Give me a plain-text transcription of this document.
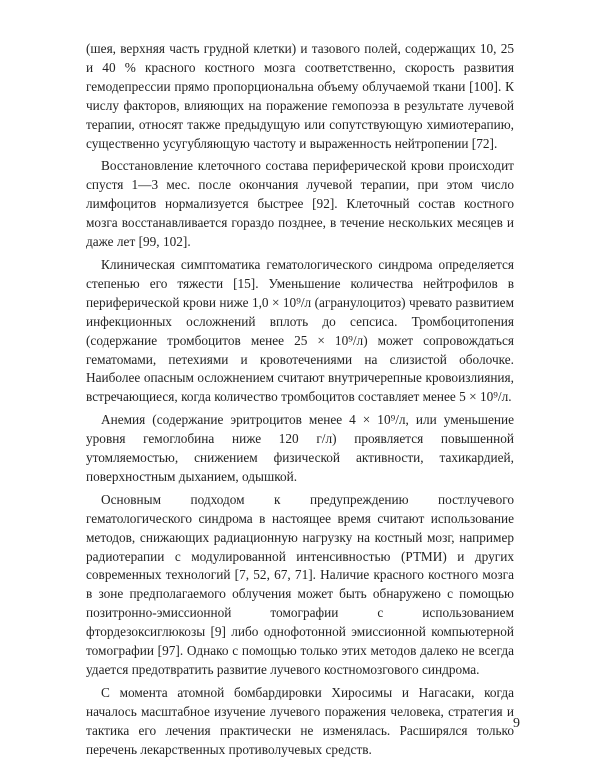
(шея, верхняя часть грудной клетки) и тазового полей, содержащих 10, 25 и 40 % красного костного мозга соответственно, скорость развития гемодепрессии прямо пропорциональна объему облучаемой ткани [100]. К числу факторов, влияющих на поражение гемопоэза в результате лучевой терапии, относят также предыдущую или сопутствующую химиотерапию, существенно усугубляющую частоту и выраженность нейтропении [72].

Восстановление клеточного состава периферической крови происходит спустя 1—3 мес. после окончания лучевой терапии, при этом число лимфоцитов нормализуется быстрее [92]. Клеточный состав костного мозга восстанавливается гораздо позднее, в течение нескольких месяцев и даже лет [99, 102].

Клиническая симптоматика гематологического синдрома определяется степенью его тяжести [15]. Уменьшение количества нейтрофилов в периферической крови ниже 1,0 × 10⁹/л (агранулоцитоз) чревато развитием инфекционных осложнений вплоть до сепсиса. Тромбоцитопения (содержание тромбоцитов менее 25 × 10⁹/л) может сопровождаться гематомами, петехиями и кровотечениями на слизистой оболочке. Наиболее опасным осложнением считают внутричерепные кровоизлияния, встречающиеся, когда количество тромбоцитов составляет менее 5 × 10⁹/л.

Анемия (содержание эритроцитов менее 4 × 10⁹/л, или уменьшение уровня гемоглобина ниже 120 г/л) проявляется повышенной утомляемостью, снижением физической активности, тахикардией, поверхностным дыханием, одышкой.

Основным подходом к предупреждению постлучевого гематологического синдрома в настоящее время считают использование методов, снижающих радиационную нагрузку на костный мозг, например радиотерапии с модулированной интенсивностью (РТМИ) и других современных технологий [7, 52, 67, 71]. Наличие красного костного мозга в зоне предполагаемого облучения может быть обнаружено с помощью позитронно-эмиссионной томографии с использованием фтордезоксиглюкозы [9] либо однофотонной эмиссионной компьютерной томографии [97]. Однако с помощью только этих методов далеко не всегда удается предотвратить развитие лучевого костномозгового синдрома.

С момента атомной бомбардировки Хиросимы и Нагасаки, когда началось масштабное изучение лучевого поражения человека, стратегия и тактика его лечения практически не изменялась. Расширялся только перечень лекарственных противолучевых средств.

9
